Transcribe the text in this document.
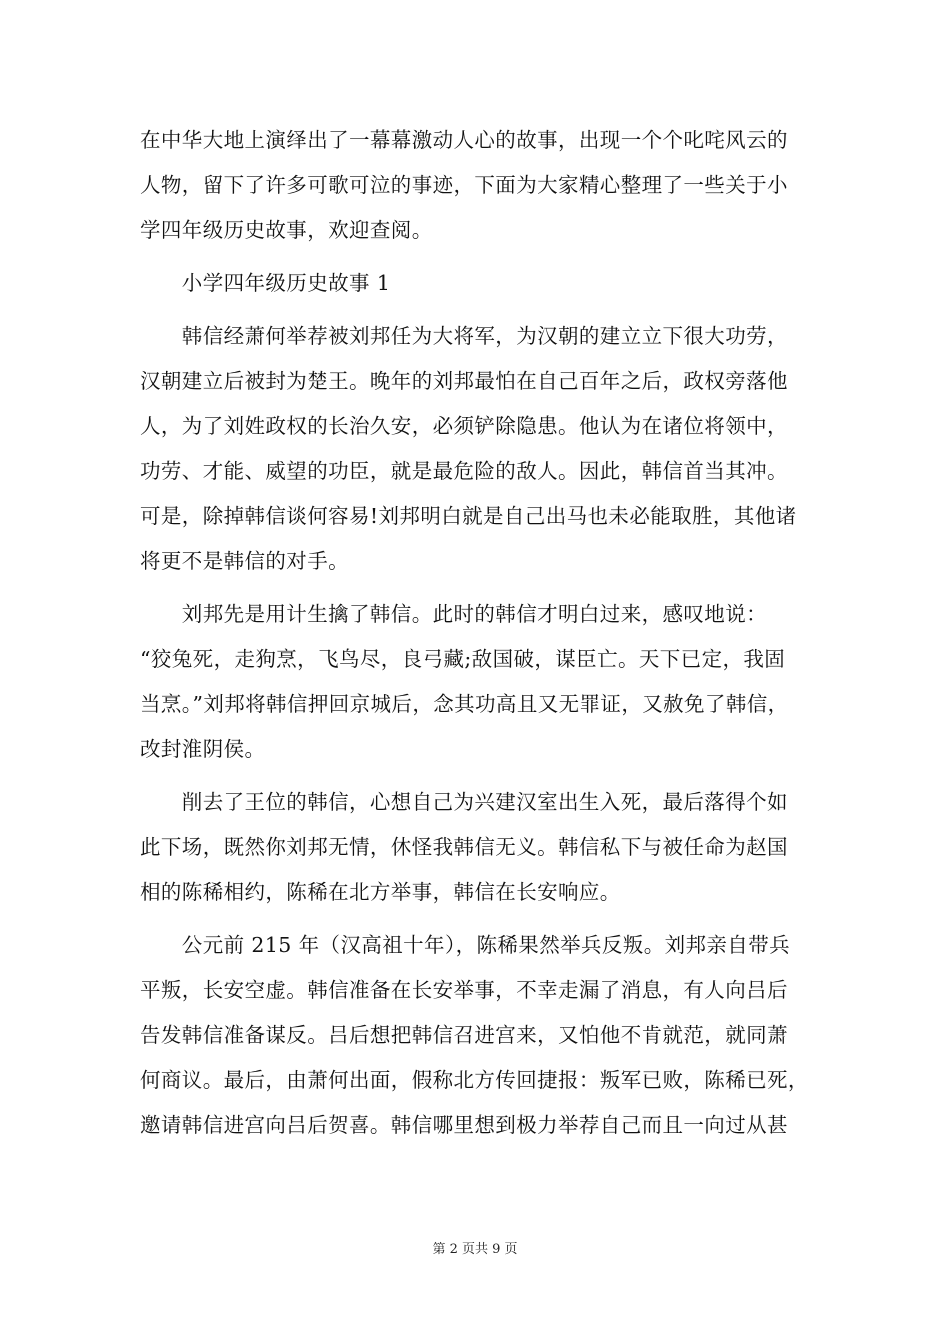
在中华大地上演绎出了一幕幕激动人心的故事，出现一个个叱咤风云的
人物，留下了许多可歌可泣的事迹，下面为大家精心整理了一些关于小
学四年级历史故事，欢迎查阅。
　　小学四年级历史故事 1
　　韩信经萧何举荐被刘邦任为大将军，为汉朝的建立立下很大功劳，
汉朝建立后被封为楚王。晚年的刘邦最怕在自己百年之后，政权旁落他
人，为了刘姓政权的长治久安，必须铲除隐患。他认为在诸位将领中，
功劳、才能、威望的功臣，就是最危险的敌人。因此，韩信首当其冲。
可是，除掉韩信谈何容易!刘邦明白就是自己出马也未必能取胜，其他诸
将更不是韩信的对手。
　　刘邦先是用计生擒了韩信。此时的韩信才明白过来，感叹地说：
“狡兔死，走狗烹，飞鸟尽，良弓藏;敌国破，谋臣亡。天下已定，我固
当烹。”刘邦将韩信押回京城后，念其功高且又无罪证，又赦免了韩信，
改封淮阴侯。
　　削去了王位的韩信，心想自己为兴建汉室出生入死，最后落得个如
此下场，既然你刘邦无情，休怪我韩信无义。韩信私下与被任命为赵国
相的陈稀相约，陈稀在北方举事，韩信在长安响应。
　　公元前 215 年（汉高祖十年），陈稀果然举兵反叛。刘邦亲自带兵
平叛，长安空虚。韩信准备在长安举事，不幸走漏了消息，有人向吕后
告发韩信准备谋反。吕后想把韩信召进宫来，又怕他不肯就范，就同萧
何商议。最后，由萧何出面，假称北方传回捷报：叛军已败，陈稀已死，
邀请韩信进宫向吕后贺喜。韩信哪里想到极力举荐自己而且一向过从甚
第 2 页共 9 页
